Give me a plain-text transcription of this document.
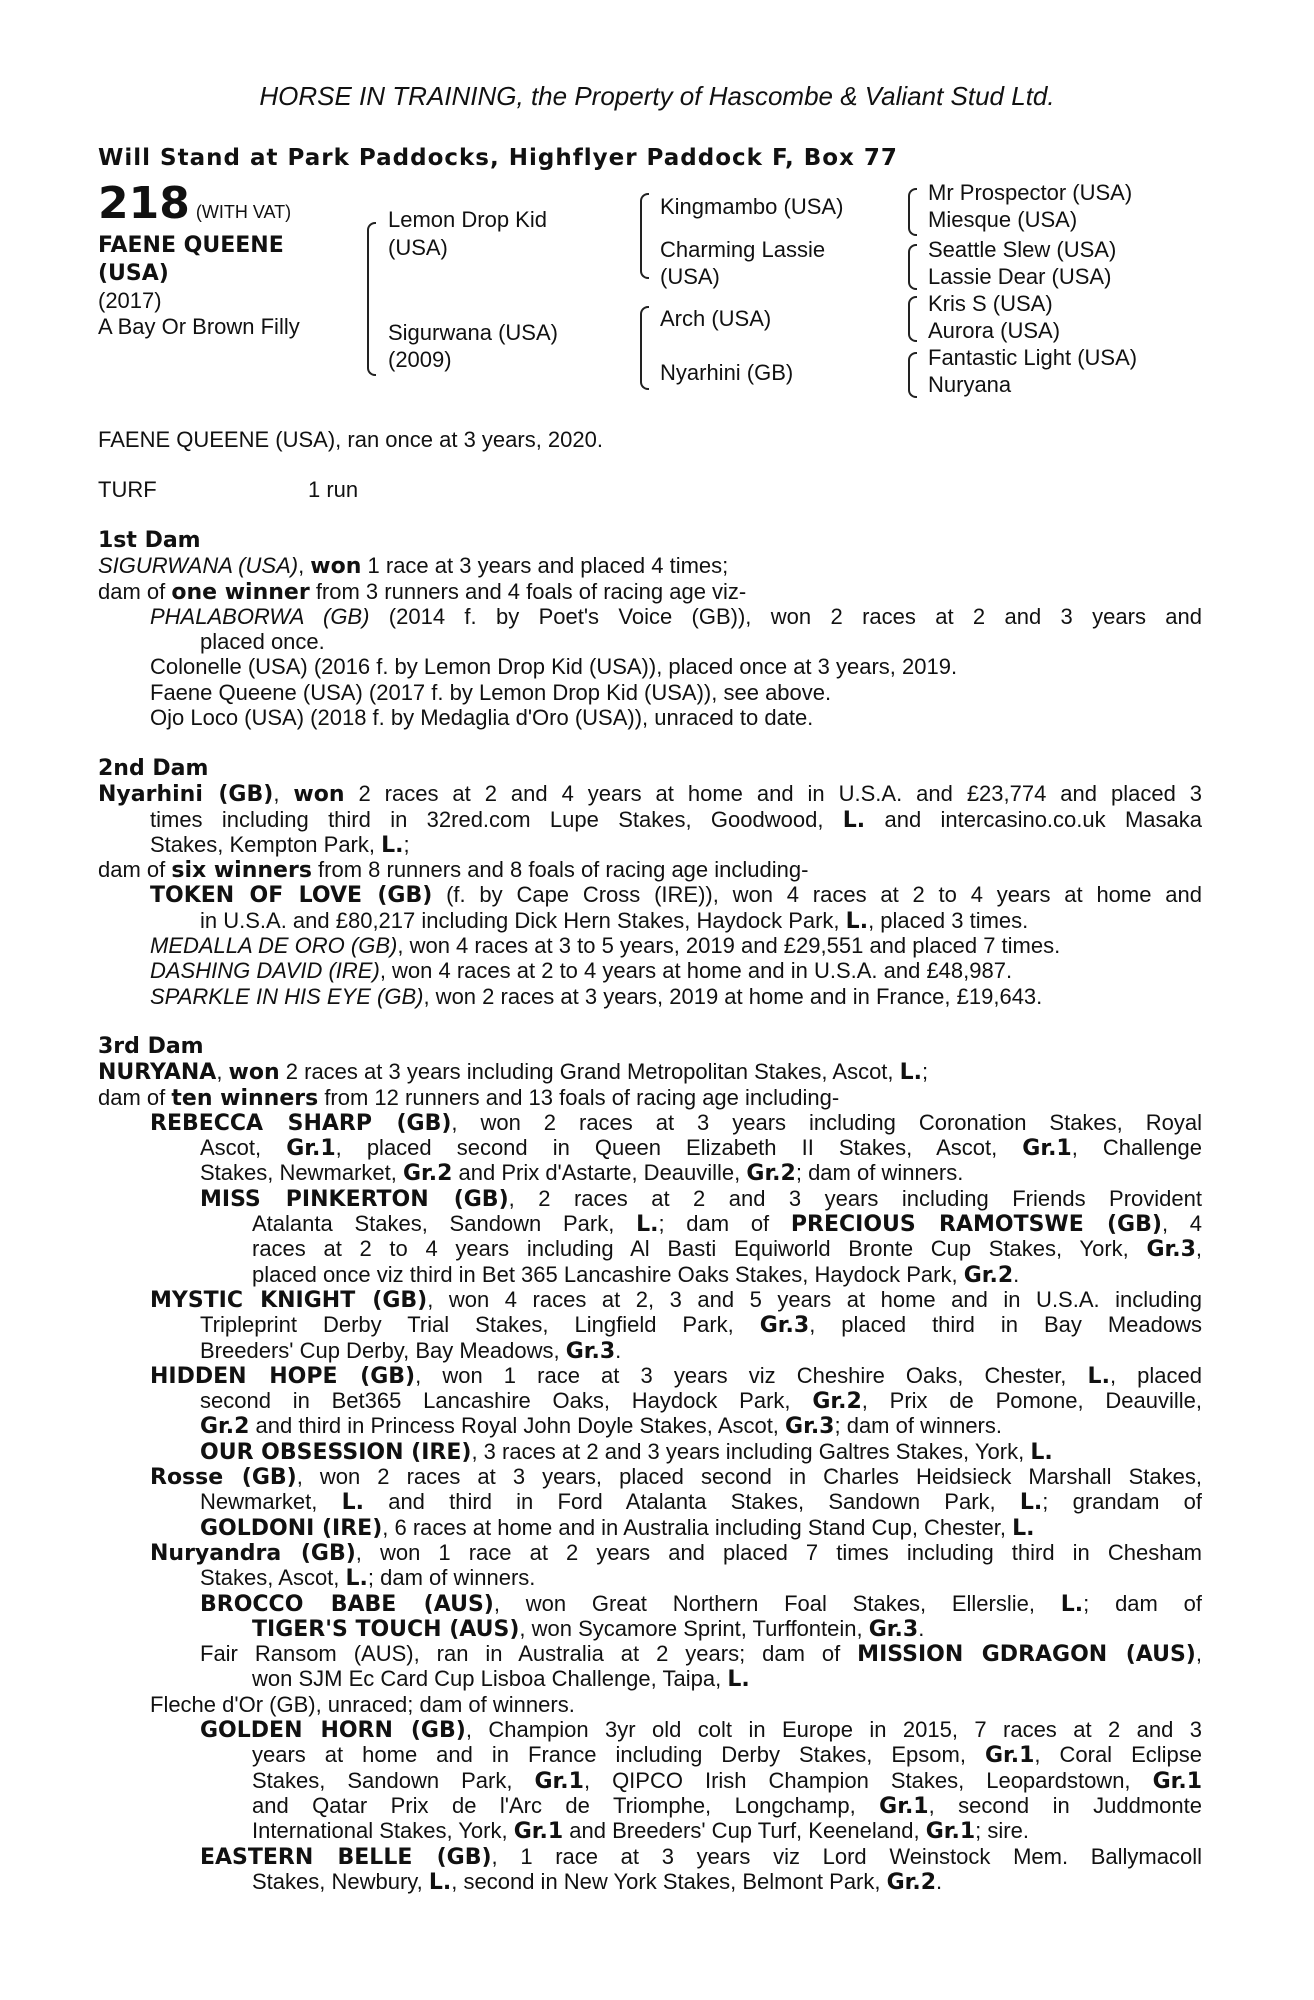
HORSE IN TRAINING, the Property of Hascombe & Valiant Stud Ltd.
Will Stand at Park Paddocks, Highflyer Paddock F, Box 77
218 (WITH VAT)
FAENE QUEENE
(USA)
(2017)
A Bay Or Brown Filly
Lemon Drop Kid
(USA)
Sigurwana (USA)
(2009)
Kingmambo (USA)
Charming Lassie
(USA)
Arch (USA)
Nyarhini (GB)
Mr Prospector (USA)
Miesque (USA)
Seattle Slew (USA)
Lassie Dear (USA)
Kris S (USA)
Aurora (USA)
Fantastic Light (USA)
Nuryana
FAENE QUEENE (USA), ran once at 3 years, 2020.
TURF	1 run
1st Dam
SIGURWANA (USA), won 1 race at 3 years and placed 4 times;
dam of one winner from 3 runners and 4 foals of racing age viz-
PHALABORWA (GB) (2014 f. by Poet's Voice (GB)), won 2 races at 2 and 3 years and
placed once.
Colonelle (USA) (2016 f. by Lemon Drop Kid (USA)), placed once at 3 years, 2019.
Faene Queene (USA) (2017 f. by Lemon Drop Kid (USA)), see above.
Ojo Loco (USA) (2018 f. by Medaglia d'Oro (USA)), unraced to date.
2nd Dam
Nyarhini (GB), won 2 races at 2 and 4 years at home and in U.S.A. and £23,774 and placed 3
times including third in 32red.com Lupe Stakes, Goodwood, L. and intercasino.co.uk Masaka
Stakes, Kempton Park, L.;
dam of six winners from 8 runners and 8 foals of racing age including-
TOKEN OF LOVE (GB) (f. by Cape Cross (IRE)), won 4 races at 2 to 4 years at home and
in U.S.A. and £80,217 including Dick Hern Stakes, Haydock Park, L., placed 3 times.
MEDALLA DE ORO (GB), won 4 races at 3 to 5 years, 2019 and £29,551 and placed 7 times.
DASHING DAVID (IRE), won 4 races at 2 to 4 years at home and in U.S.A. and £48,987.
SPARKLE IN HIS EYE (GB), won 2 races at 3 years, 2019 at home and in France, £19,643.
3rd Dam
NURYANA, won 2 races at 3 years including Grand Metropolitan Stakes, Ascot, L.;
dam of ten winners from 12 runners and 13 foals of racing age including-
REBECCA SHARP (GB), won 2 races at 3 years including Coronation Stakes, Royal
Ascot, Gr.1, placed second in Queen Elizabeth II Stakes, Ascot, Gr.1, Challenge
Stakes, Newmarket, Gr.2 and Prix d'Astarte, Deauville, Gr.2; dam of winners.
MISS PINKERTON (GB), 2 races at 2 and 3 years including Friends Provident
Atalanta Stakes, Sandown Park, L.; dam of PRECIOUS RAMOTSWE (GB), 4
races at 2 to 4 years including Al Basti Equiworld Bronte Cup Stakes, York, Gr.3,
placed once viz third in Bet 365 Lancashire Oaks Stakes, Haydock Park, Gr.2.
MYSTIC KNIGHT (GB), won 4 races at 2, 3 and 5 years at home and in U.S.A. including
Tripleprint Derby Trial Stakes, Lingfield Park, Gr.3, placed third in Bay Meadows
Breeders' Cup Derby, Bay Meadows, Gr.3.
HIDDEN HOPE (GB), won 1 race at 3 years viz Cheshire Oaks, Chester, L., placed
second in Bet365 Lancashire Oaks, Haydock Park, Gr.2, Prix de Pomone, Deauville,
Gr.2 and third in Princess Royal John Doyle Stakes, Ascot, Gr.3; dam of winners.
OUR OBSESSION (IRE), 3 races at 2 and 3 years including Galtres Stakes, York, L.
Rosse (GB), won 2 races at 3 years, placed second in Charles Heidsieck Marshall Stakes,
Newmarket, L. and third in Ford Atalanta Stakes, Sandown Park, L.; grandam of
GOLDONI (IRE), 6 races at home and in Australia including Stand Cup, Chester, L.
Nuryandra (GB), won 1 race at 2 years and placed 7 times including third in Chesham
Stakes, Ascot, L.; dam of winners.
BROCCO BABE (AUS), won Great Northern Foal Stakes, Ellerslie, L.; dam of
TIGER'S TOUCH (AUS), won Sycamore Sprint, Turffontein, Gr.3.
Fair Ransom (AUS), ran in Australia at 2 years; dam of MISSION GDRAGON (AUS),
won SJM Ec Card Cup Lisboa Challenge, Taipa, L.
Fleche d'Or (GB), unraced; dam of winners.
GOLDEN HORN (GB), Champion 3yr old colt in Europe in 2015, 7 races at 2 and 3
years at home and in France including Derby Stakes, Epsom, Gr.1, Coral Eclipse
Stakes, Sandown Park, Gr.1, QIPCO Irish Champion Stakes, Leopardstown, Gr.1
and Qatar Prix de l'Arc de Triomphe, Longchamp, Gr.1, second in Juddmonte
International Stakes, York, Gr.1 and Breeders' Cup Turf, Keeneland, Gr.1; sire.
EASTERN BELLE (GB), 1 race at 3 years viz Lord Weinstock Mem. Ballymacoll
Stakes, Newbury, L., second in New York Stakes, Belmont Park, Gr.2.
